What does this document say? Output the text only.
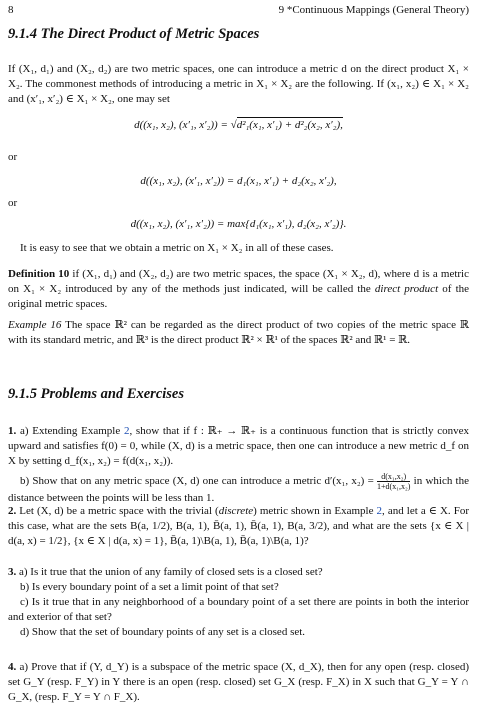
8	9 *Continuous Mappings (General Theory)
9.1.4 The Direct Product of Metric Spaces
If (X₁, d₁) and (X₂, d₂) are two metric spaces, one can introduce a metric d on the direct product X₁ × X₂. The commonest methods of introducing a metric in X₁ × X₂ are the following. If (x₁, x₂) ∈ X₁ × X₂ and (x′₁, x′₂) ∈ X₁ × X₂, one may set
d((x₁, x₂), (x′₁, x′₂)) = √d²₁(x₁, x′₁) + d²₂(x₂, x′₂),
or
d((x₁, x₂), (x′₁, x′₂)) = d₁(x₁, x′₁) + d₂(x₂, x′₂),
or
d((x₁, x₂), (x′₁, x′₂)) = max{d₁(x₁, x′₁), d₂(x₂, x′₂)}.
It is easy to see that we obtain a metric on X₁ × X₂ in all of these cases.
Definition 10 if (X₁, d₁) and (X₂, d₂) are two metric spaces, the space (X₁ × X₂, d), where d is a metric on X₁ × X₂ introduced by any of the methods just indicated, will be called the direct product of the original metric spaces.
Example 16 The space ℝ² can be regarded as the direct product of two copies of the metric space ℝ with its standard metric, and ℝ³ is the direct product ℝ² × ℝ¹ of the spaces ℝ² and ℝ¹ = ℝ.
9.1.5 Problems and Exercises
1. a) Extending Example 2, show that if f : ℝ₊ → ℝ₊ is a continuous function that is strictly convex upward and satisfies f(0) = 0, while (X, d) is a metric space, then one can introduce a new metric d_f on X by setting d_f(x₁, x₂) = f(d(x₁, x₂)).
b) Show that on any metric space (X, d) one can introduce a metric d′(x₁, $x_2) = \frac{\text{d(x₁,x₂)}}{\text{1+d(x₁,x₂)}}$ in which the distance between the points will be less than 1.
2. Let (X, d) be a metric space with the trivial (discrete) metric shown in Example 2, and let a ∈ X. For this case, what are the sets B(a, 1/2), B(a, 1), B̄(a, 1), B̄(a, 1), B(a, 3/2), and what are the sets {x ∈ X | d(a, x) = 1/2}, {x ∈ X | d(a, x) = 1}, B̄(a, 1)\B(a, 1), B̄(a, 1)\B(a, 1)?
3. a) Is it true that the union of any family of closed sets is a closed set?
b) Is every boundary point of a set a limit point of that set?
c) Is it true that in any neighborhood of a boundary point of a set there are points in both the interior and exterior of that set?
d) Show that the set of boundary points of any set is a closed set.
4. a) Prove that if (Y, d_Y) is a subspace of the metric space (X, d_X), then for any open (resp. closed) set G_Y (resp. F_Y) in Y there is an open (resp. closed) set G_X (resp. F_X) in X such that G_Y = Y ∩ G_X, (resp. F_Y = Y ∩ F_X).
